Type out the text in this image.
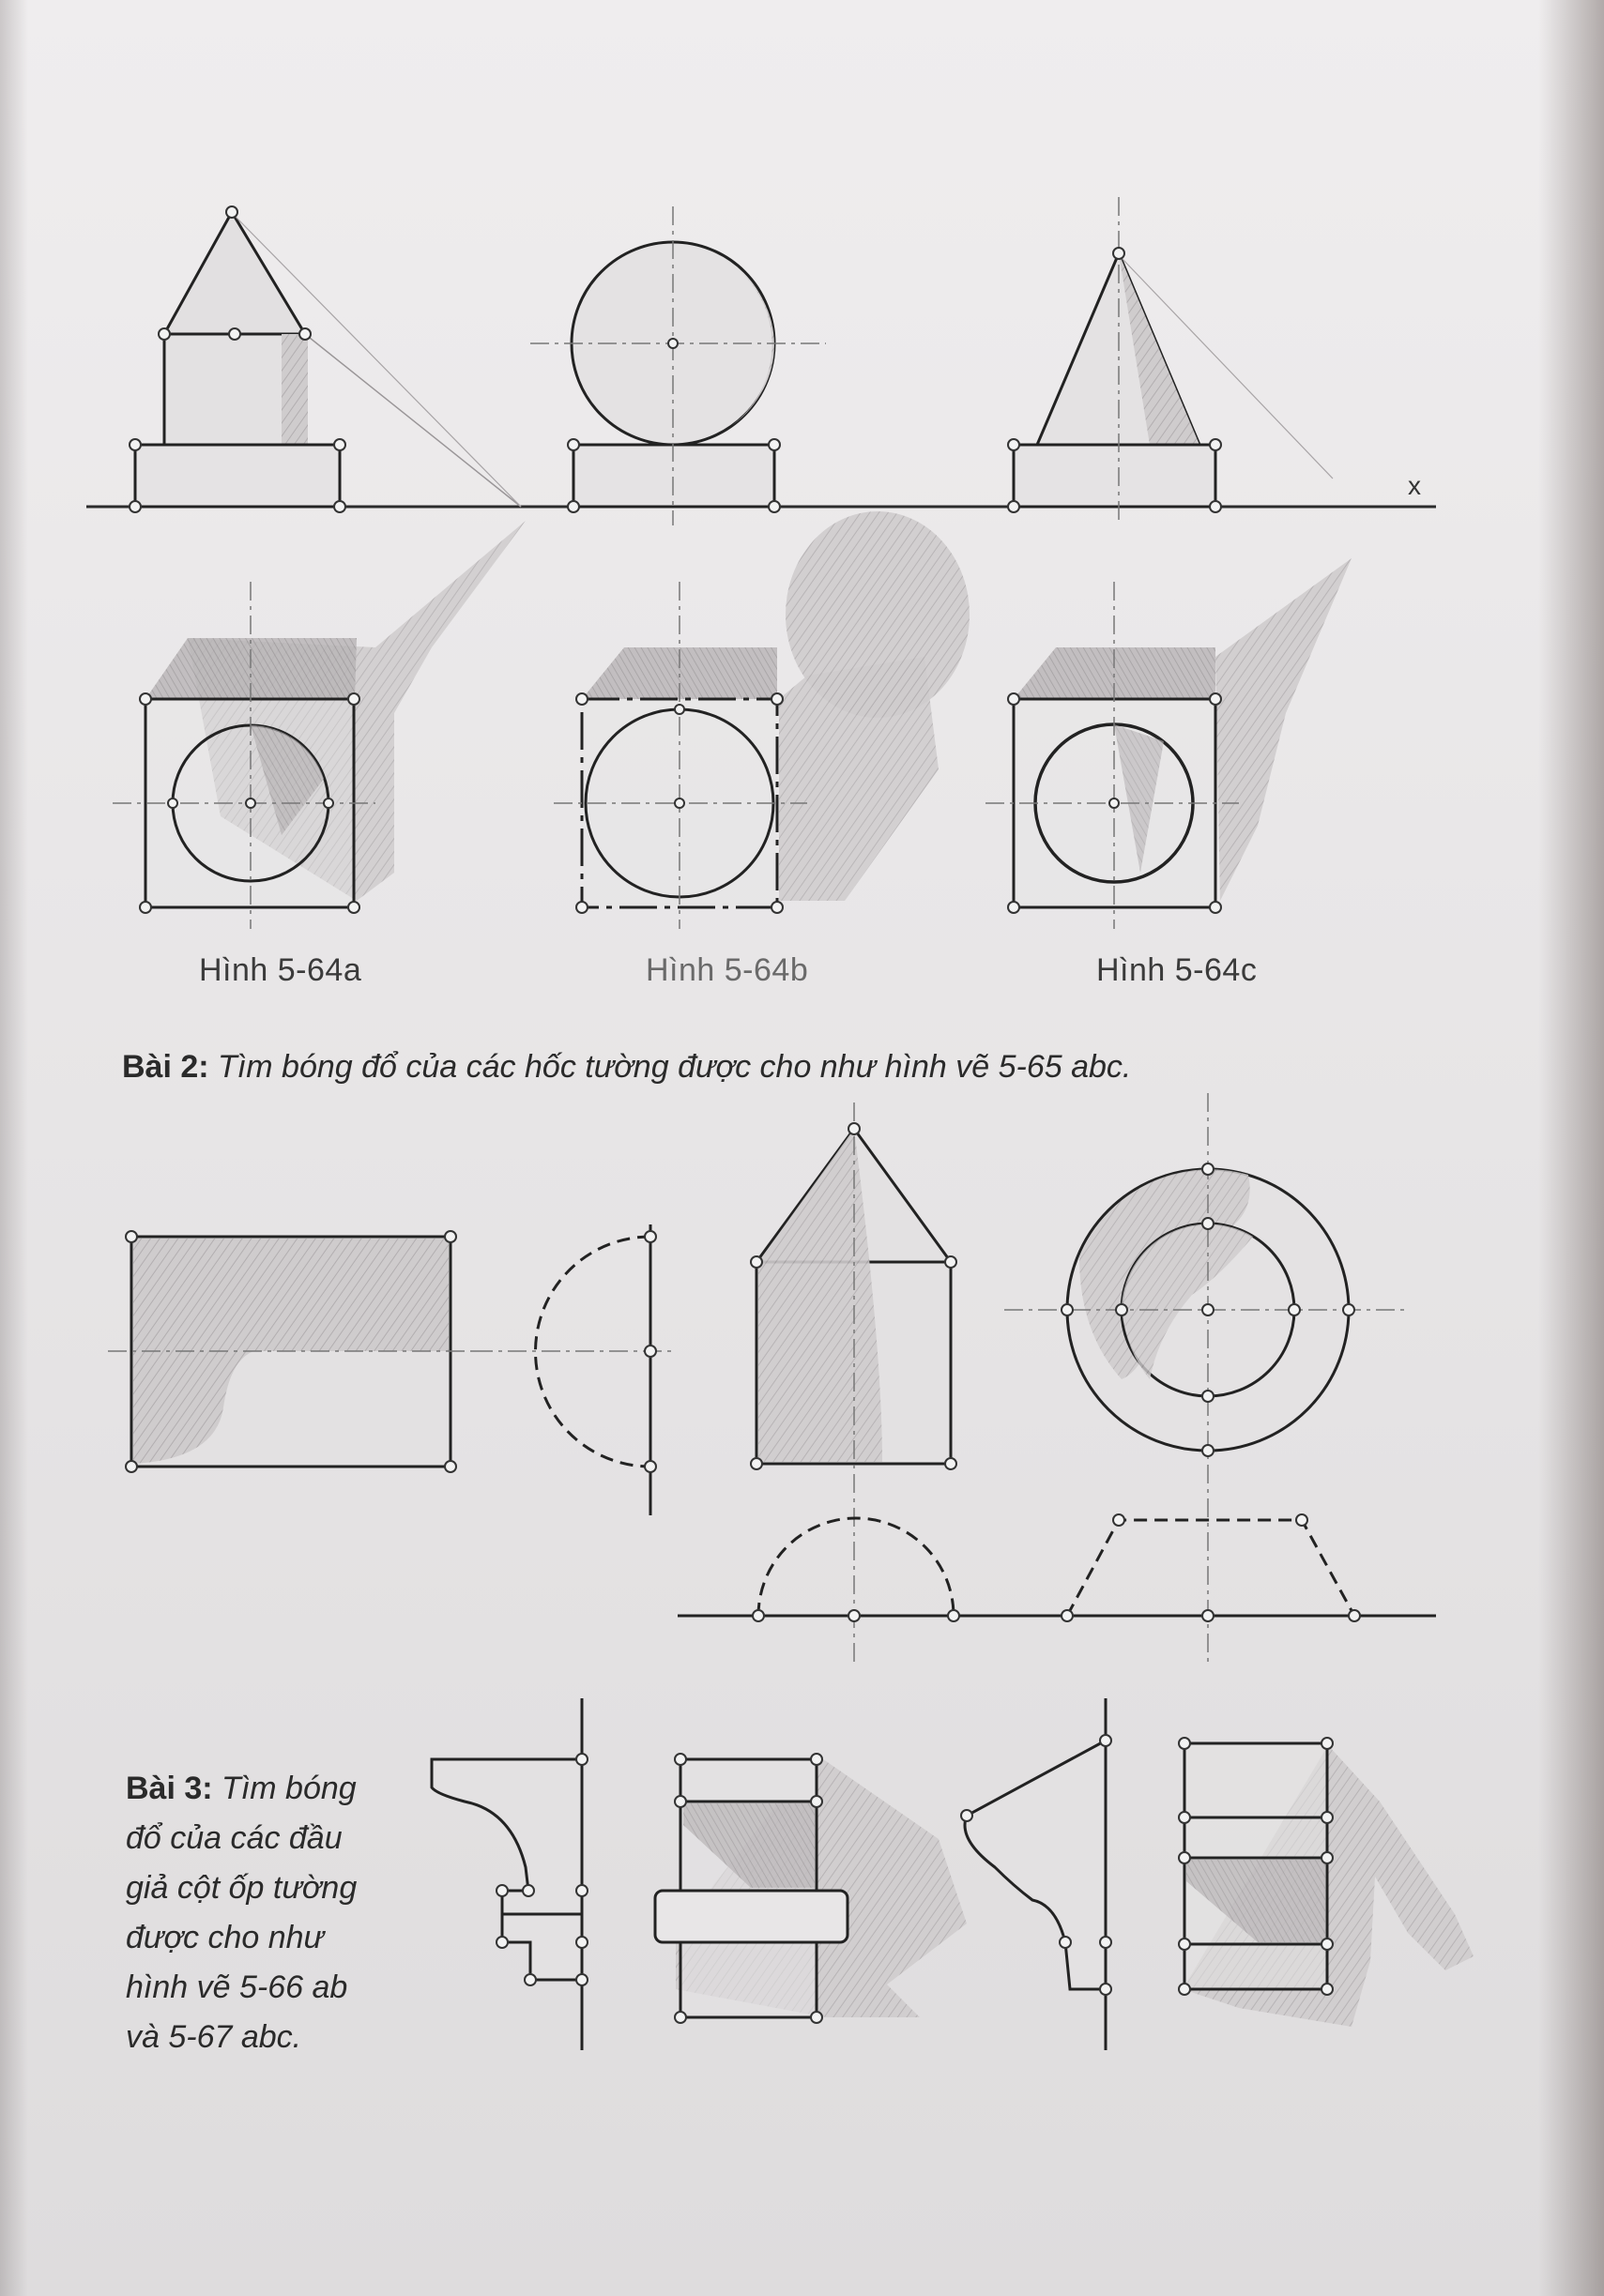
x
Hình 5-64a	Hình 5-64b	Hình 5-64c
Bài 2: Tìm bóng đổ của các hốc tường được cho như hình vẽ 5-65 abc.
Bài 3: Tìm bóng
đổ của các đầu
giả cột ốp tường
được cho như
hình vẽ 5-66 ab
và 5-67 abc.
